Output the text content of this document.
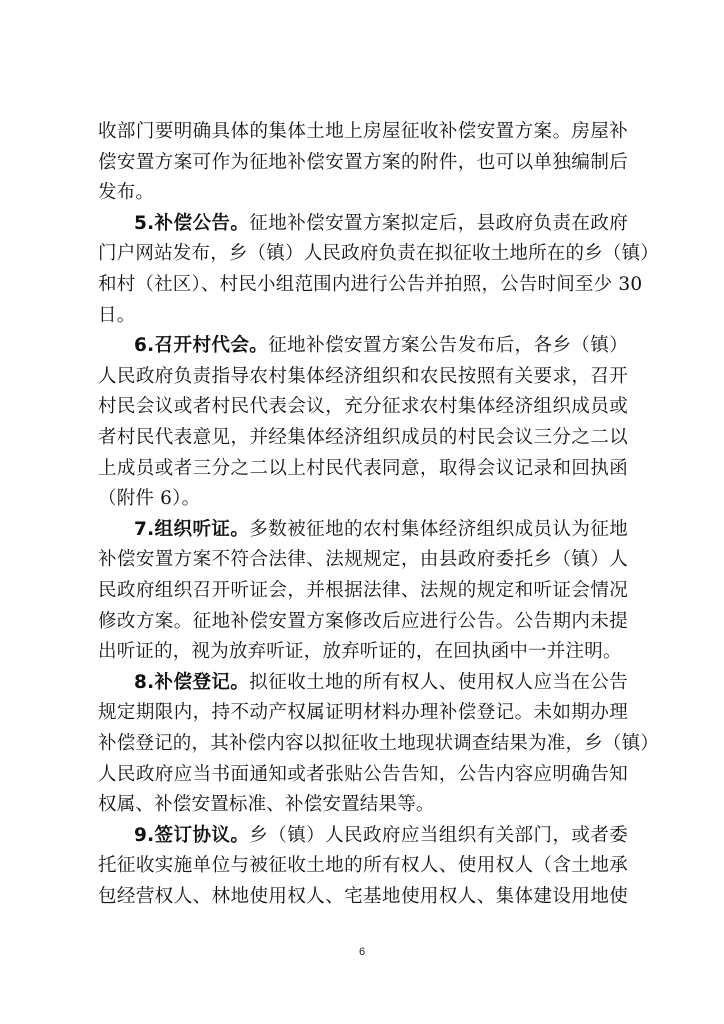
收部门要明确具体的集体土地上房屋征收补偿安置方案。房屋补
偿安置方案可作为征地补偿安置方案的附件，也可以单独编制后
发布。
5.补偿公告。征地补偿安置方案拟定后，县政府负责在政府
门户网站发布，乡（镇）人民政府负责在拟征收土地所在的乡（镇）
和村（社区）、村民小组范围内进行公告并拍照，公告时间至少 30
日。
6.召开村代会。征地补偿安置方案公告发布后，各乡（镇）
人民政府负责指导农村集体经济组织和农民按照有关要求，召开
村民会议或者村民代表会议，充分征求农村集体经济组织成员或
者村民代表意见，并经集体经济组织成员的村民会议三分之二以
上成员或者三分之二以上村民代表同意，取得会议记录和回执函
（附件 6）。
7.组织听证。多数被征地的农村集体经济组织成员认为征地
补偿安置方案不符合法律、法规规定，由县政府委托乡（镇）人
民政府组织召开听证会，并根据法律、法规的规定和听证会情况
修改方案。征地补偿安置方案修改后应进行公告。公告期内未提
出听证的，视为放弃听证，放弃听证的，在回执函中一并注明。
8.补偿登记。拟征收土地的所有权人、使用权人应当在公告
规定期限内，持不动产权属证明材料办理补偿登记。未如期办理
补偿登记的，其补偿内容以拟征收土地现状调查结果为准，乡（镇）
人民政府应当书面通知或者张贴公告告知，公告内容应明确告知
权属、补偿安置标准、补偿安置结果等。
9.签订协议。乡（镇）人民政府应当组织有关部门，或者委
托征收实施单位与被征收土地的所有权人、使用权人（含土地承
包经营权人、林地使用权人、宅基地使用权人、集体建设用地使
6
